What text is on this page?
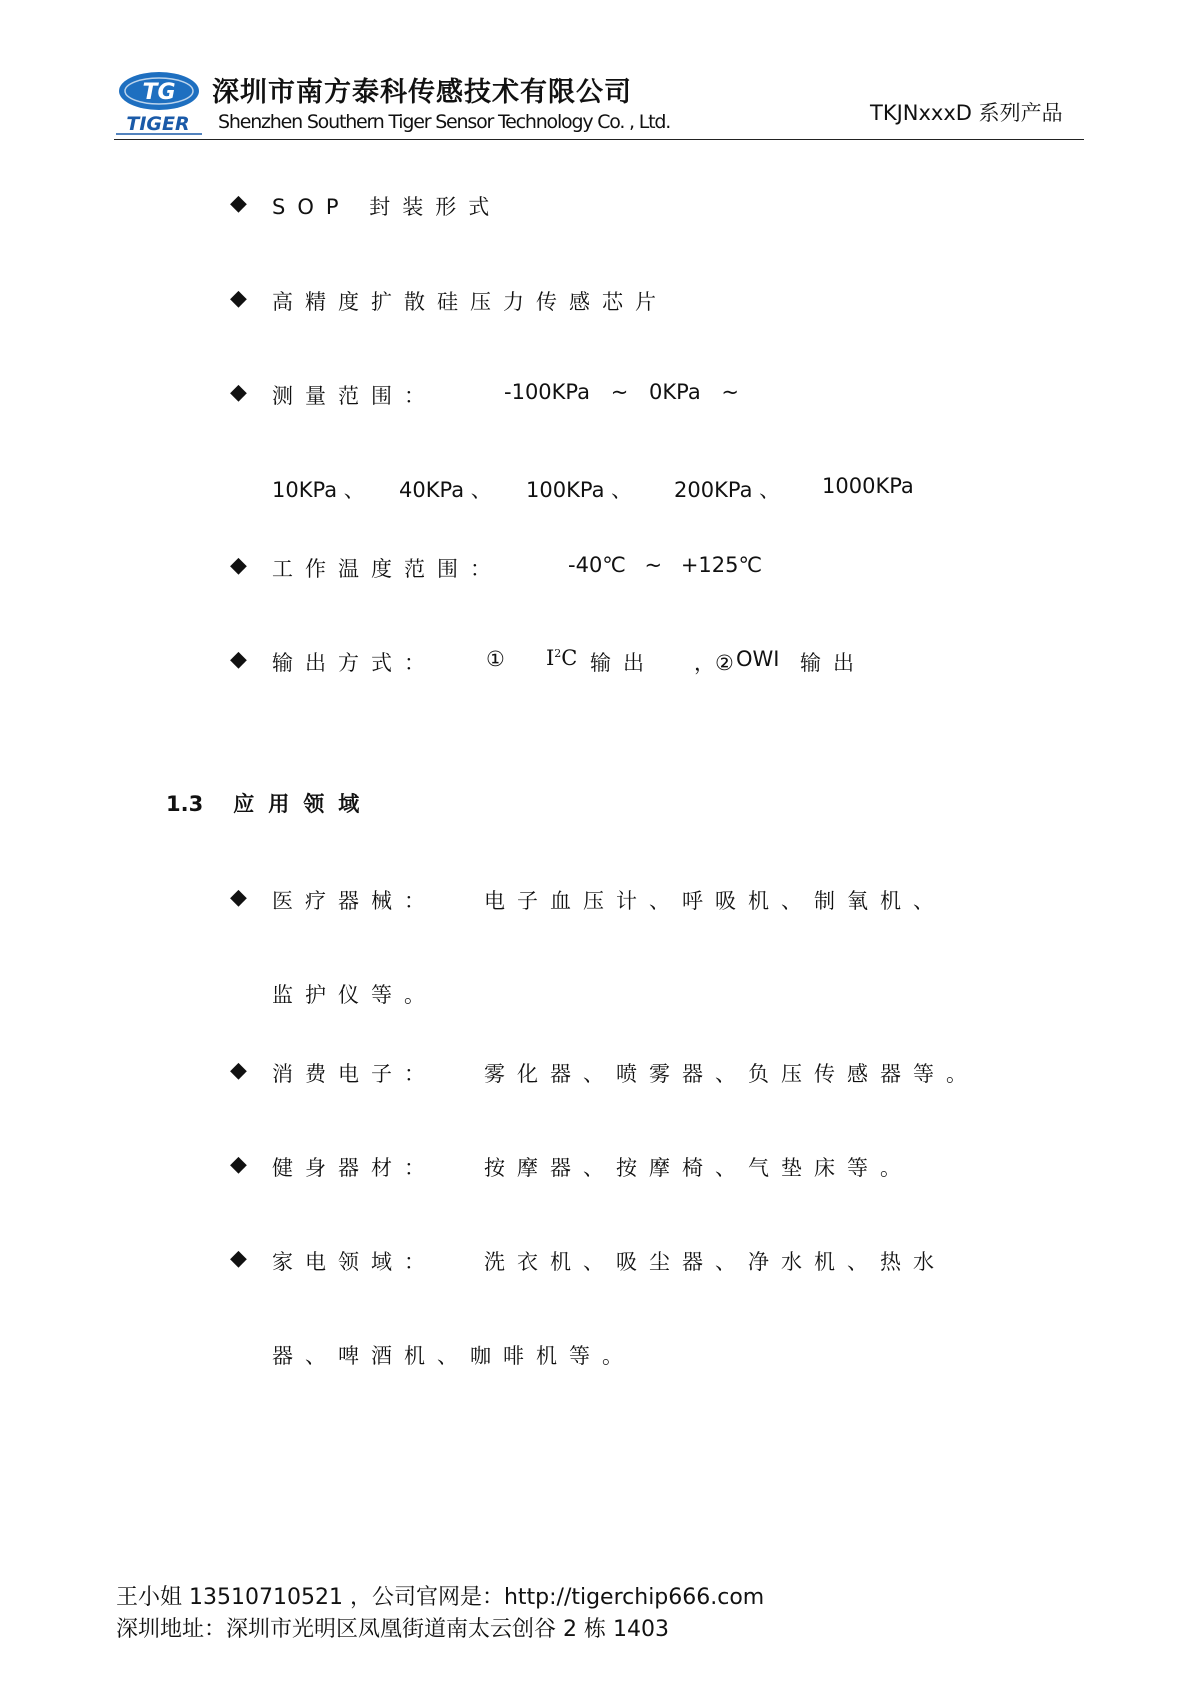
TG
TIGER
深圳市南方泰科传感技术有限公司
Shenzhen Southern Tiger Sensor Technology Co. , Ltd.	TKJNxxxD 系列产品
◆ SOP 封装形式
◆ 高精度扩散硅压力传感芯片
◆ 测量范围：	-100KPa ~ 0KPa ~
10KPa 、 40KPa 、 100KPa 、 200KPa 、 1000KPa
◆ 工作温度范围：	-40℃ ~ +125℃
◆ 输出方式： ① $I^2C$ 输出 ，② OWI 输出
1.3 应用领域
◆ 医疗器械： 电子血压计、呼吸机、制氧机、
监护仪等。
◆ 消费电子： 雾化器、喷雾器、负压传感器等。
◆ 健身器材： 按摩器、按摩椅、气垫床等。
◆ 家电领域： 洗衣机、吸尘器、净水机、热水
器、啤酒机、咖啡机等。
王小姐 13510710521 ，公司官网是：http://tigerchip666.com
深圳地址：深圳市光明区凤凰街道南太云创谷 2 栋 1403
